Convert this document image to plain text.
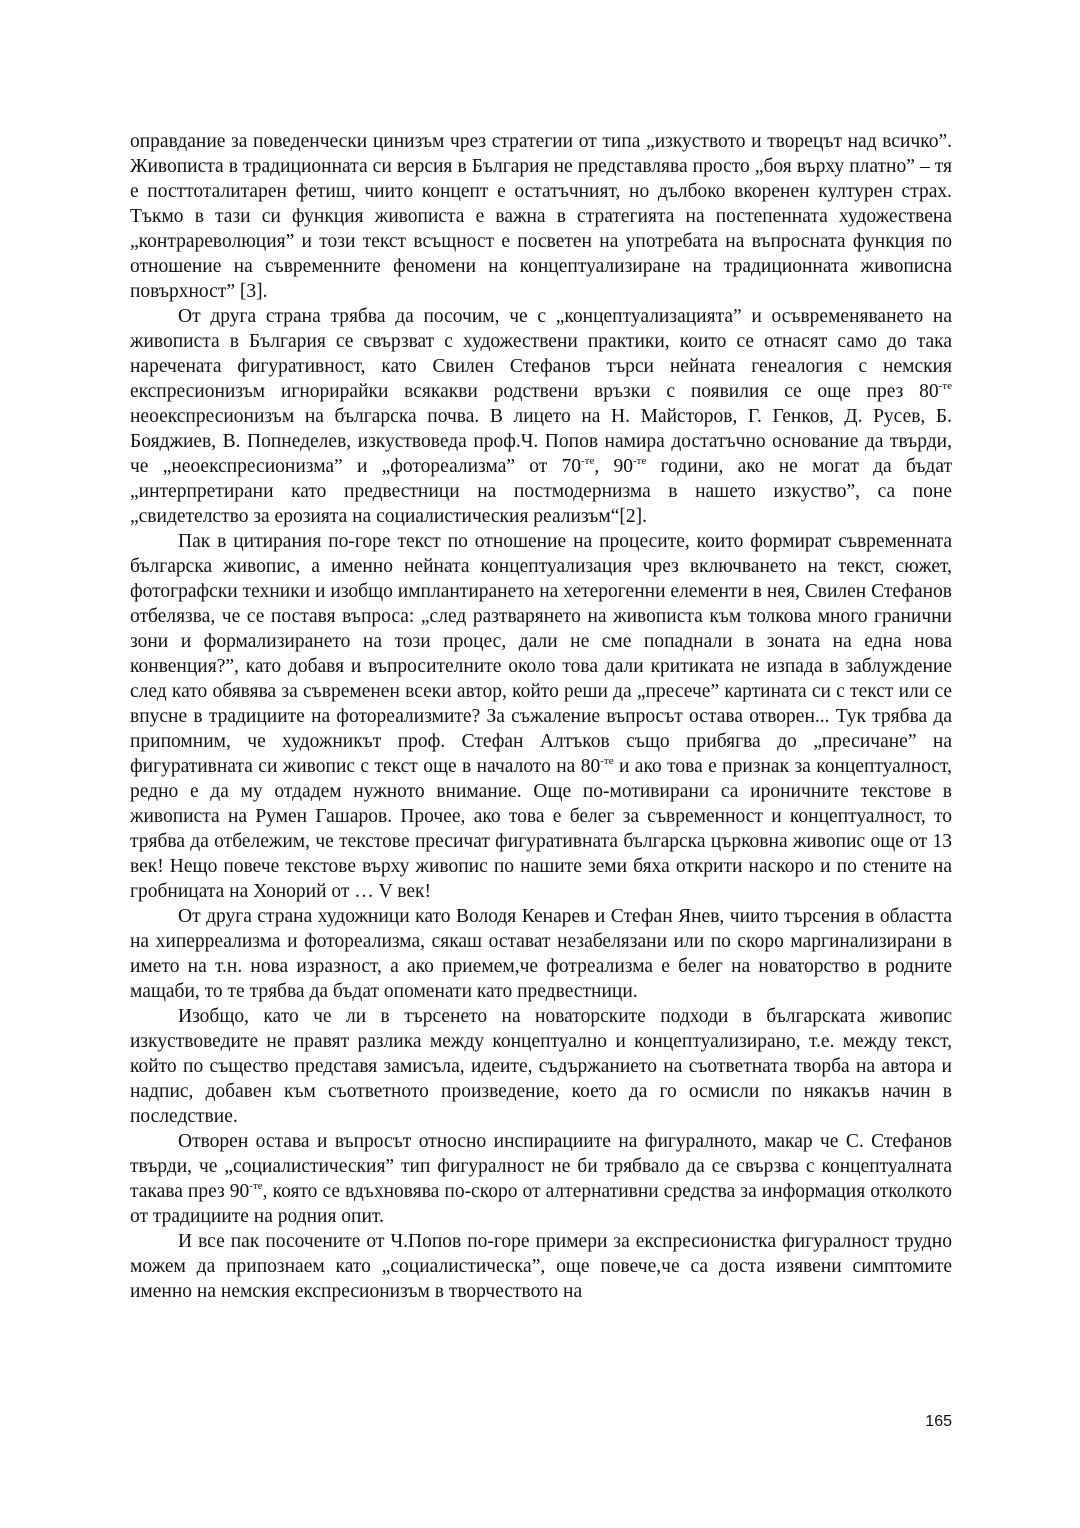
оправдание за поведенчески цинизъм чрез стратегии от типа „изкуството и творецът над всичко”. Живописта в традиционната си версия в България не представлява просто „боя върху платно” – тя е посттоталитарен фетиш, чиито концепт е остатъчният, но дълбоко вкоренен културен страх. Тъкмо в тази си функция живописта е важна в стратегията на постепенната художествена „контрареволюция” и този текст всъщност е посветен на употребата на въпросната функция по отношение на съвременните феномени на концептуализиране на традиционната живописна повърхност” [3].

От друга страна трябва да посочим, че с „концептуализацията” и осъвременяването на живописта в България се свързват с художествени практики, които се отнасят само до така наречената фигуративност, като Свилен Стефанов търси нейната генеалогия с немския експресионизъм игнорирайки всякакви родствени връзки с появилия се още през $80^{-те}$ неоекспресионизъм на българска почва. В лицето на Н. Майсторов, Г. Генков, Д. Русев, Б. Бояджиев, В. Попнеделев, изкуствоведа проф.Ч. Попов намира достатъчно основание да твърди, че „неоекспресионизма” и „фотореализма” от $70^{-те}$, $90^{-те}$ години, ако не могат да бъдат „интерпретирани като предвестници на постмодернизма в нашето изкуство”, са поне „свидетелство за ерозията на социалистическия реализъм“[2].

Пак в цитирания по-горе текст по отношение на процесите, които формират съвременната българска живопис, а именно нейната концептуализация чрез включването на текст, сюжет, фотографски техники и изобщо имплантирането на хетерогенни елементи в нея, Свилен Стефанов отбелязва, че се поставя въпроса: „след разтварянето на живописта към толкова много гранични зони и формализирането на този процес, дали не сме попаднали в зоната на една нова конвенция?”, като добавя и въпросителните около това дали критиката не изпада в заблуждение след като обявява за съвременен всеки автор, който реши да „пресече” картината си с текст или се впусне в традициите на фотореализмите? За съжаление въпросът остава отворен... Тук трябва да припомним, че художникът проф. Стефан Алтъков също прибягва до „пресичане” на фигуративната си живопис с текст още в началото на $80^{-те}$ и ако това е признак за концептуалност, редно е да му отдадем нужното внимание. Още по-мотивирани са ироничните текстове в живописта на Румен Гашаров. Прочее, ако това е белег за съвременност и концептуалност, то трябва да отбележим, че текстове пресичат фигуративната българска църковна живопис още от 13 век! Нещо повече текстове върху живопис по нашите земи бяха открити наскоро и по стените на гробницата на Хонорий от … V век!

От друга страна художници като Володя Кенарев и Стефан Янев, чиито търсения в областта на хиперреализма и фотореализма, сякаш остават незабелязани или по скоро маргинализирани в името на т.н. нова изразност, а ако приемем,че фотреализма е белег на новаторство в родните мащаби, то те трябва да бъдат опоменати като предвестници.

Изобщо, като че ли в търсенето на новаторските подходи в българската живопис изкуствоведите не правят разлика между концептуално и концептуализирано, т.е. между текст, който по същество представя замисъла, идеите, съдържанието на съответната творба на автора и надпис, добавен към съответното произведение, което да го осмисли по някакъв начин в последствие.

Отворен остава и въпросът относно инспирациите на фигуралното, макар че С. Стефанов твърди, че „социалистическия” тип фигуралност не би трябвало да се свързва с концептуалната такава през $90^{-те}$, която се вдъхновява по-скоро от алтернативни средства за информация отколкото от традициите на родния опит.

И все пак посочените от Ч.Попов по-горе примери за експресионистка фигуралност трудно можем да припознаем като „социалистическа”, още повече,че са доста изявени симптомите именно на немския експресионизъм в творчеството на

165
